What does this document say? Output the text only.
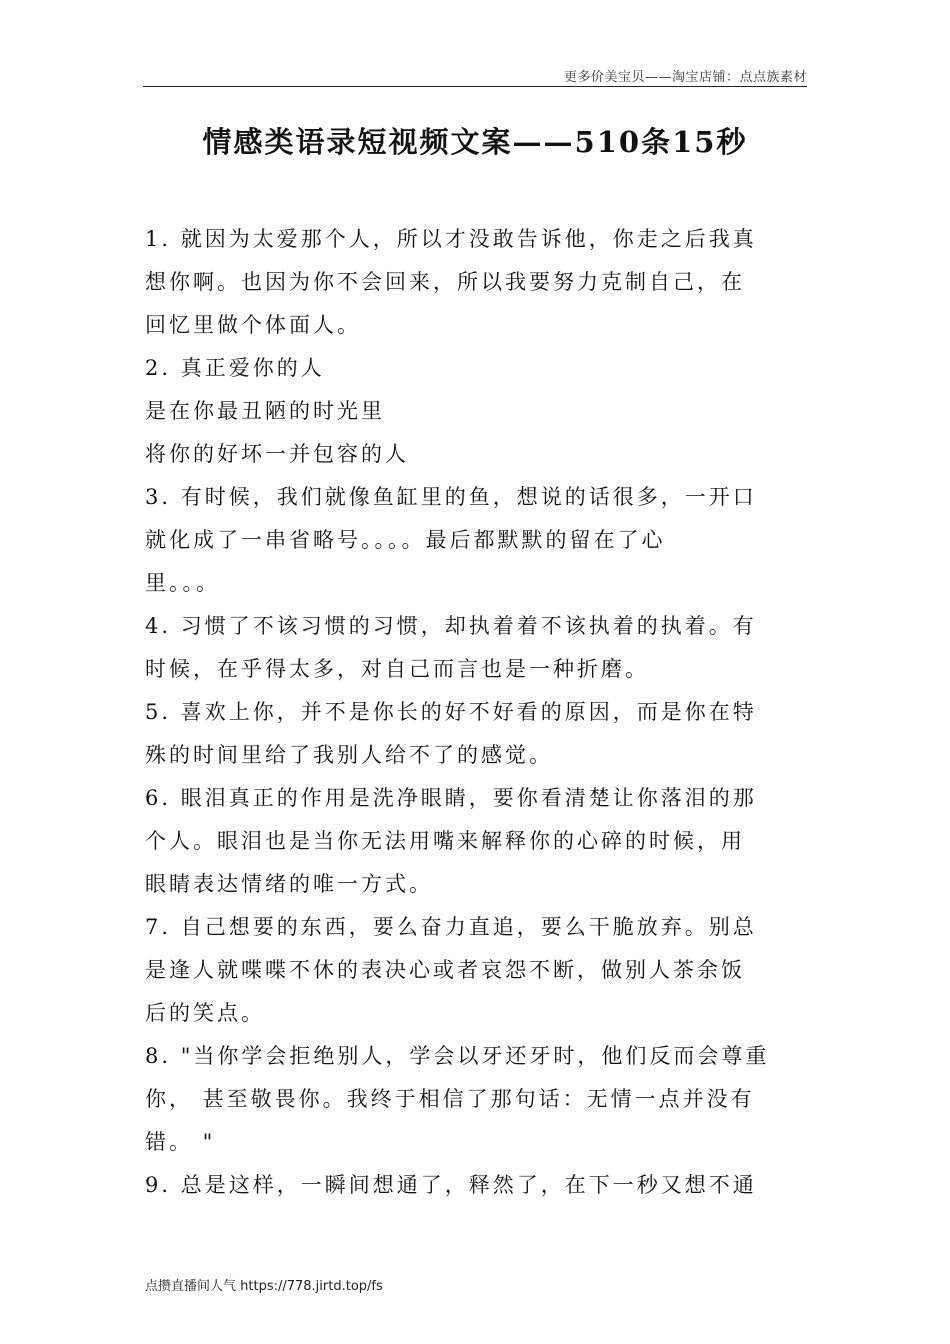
更多价美宝贝——淘宝店铺：点点族素材
情感类语录短视频文案——510条15秒
1. 就因为太爱那个人，所以才没敢告诉他，你走之后我真
想你啊。也因为你不会回来，所以我要努力克制自己，在
回忆里做个体面人。
2. 真正爱你的人
是在你最丑陋的时光里
将你的好坏一并包容的人
3. 有时候，我们就像鱼缸里的鱼，想说的话很多，一开口
就化成了一串省略号。。。。最后都默默的留在了心
里。。。
4. 习惯了不该习惯的习惯，却执着着不该执着的执着。有
时候，在乎得太多，对自己而言也是一种折磨。
5. 喜欢上你，并不是你长的好不好看的原因，而是你在特
殊的时间里给了我别人给不了的感觉。
6. 眼泪真正的作用是洗净眼睛，要你看清楚让你落泪的那
个人。眼泪也是当你无法用嘴来解释你的心碎的时候，用
眼睛表达情绪的唯一方式。
7. 自己想要的东西，要么奋力直追，要么干脆放弃。别总
是逢人就喋喋不休的表决心或者哀怨不断，做别人茶余饭
后的笑点。
8. "当你学会拒绝别人，学会以牙还牙时，他们反而会尊重
你， 甚至敬畏你。我终于相信了那句话：无情一点并没有
错。 "
9. 总是这样，一瞬间想通了，释然了，在下一秒又想不通
点攒直播间人气 https://778.jirtd.top/fs
